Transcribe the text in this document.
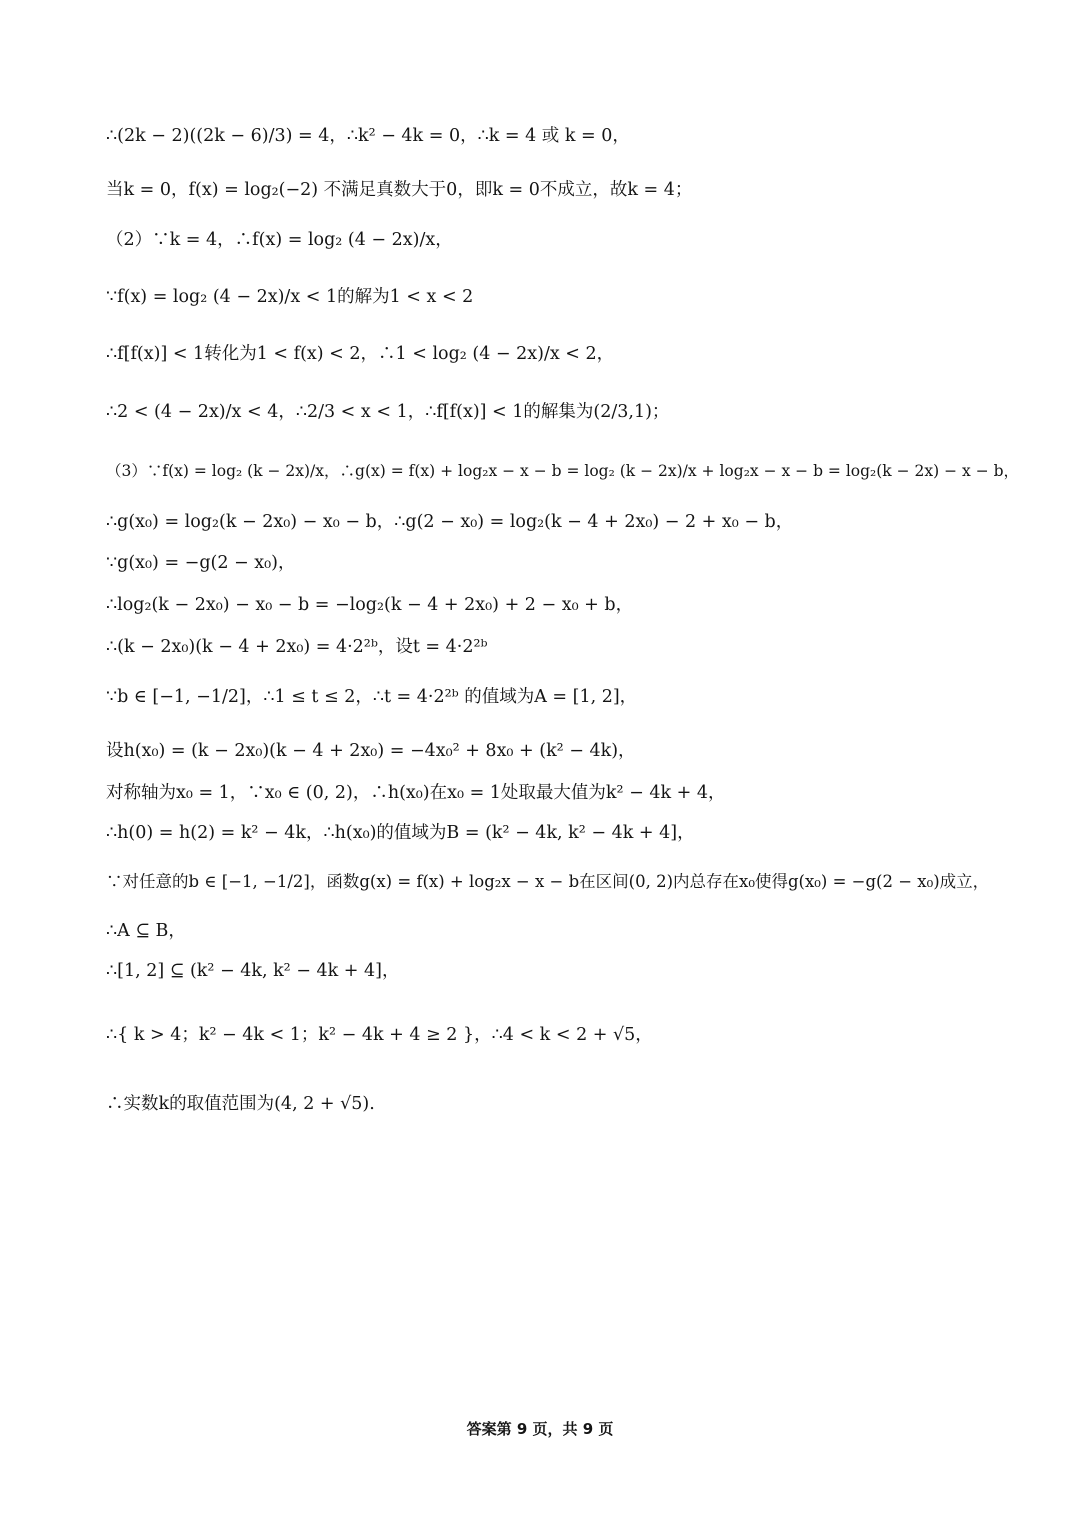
∴(2k − 2)((2k − 6)/3) = 4，∴k² − 4k = 0，∴k = 4 或 k = 0，
当k = 0，f(x) = log₂(−2) 不满足真数大于0，即k = 0不成立，故k = 4；
（2）∵k = 4，∴f(x) = log₂ (4 − 2x)/x，
∵f(x) = log₂ (4 − 2x)/x < 1的解为1 < x < 2
∴f[f(x)] < 1转化为1 < f(x) < 2，∴1 < log₂ (4 − 2x)/x < 2，
∴2 < (4 − 2x)/x < 4，∴2/3 < x < 1，∴f[f(x)] < 1的解集为(2/3,1)；
（3）∵f(x) = log₂ (k − 2x)/x，∴g(x) = f(x) + log₂x − x − b = log₂ (k − 2x)/x + log₂x − x − b = log₂(k − 2x) − x − b，
∴g(x₀) = log₂(k − 2x₀) − x₀ − b，∴g(2 − x₀) = log₂(k − 4 + 2x₀) − 2 + x₀ − b，
∵g(x₀) = −g(2 − x₀)，
∴log₂(k − 2x₀) − x₀ − b = −log₂(k − 4 + 2x₀) + 2 − x₀ + b，
∴(k − 2x₀)(k − 4 + 2x₀) = 4·2²ᵇ，设t = 4·2²ᵇ
∵b ∈ [−1, −1/2]，∴1 ≤ t ≤ 2，∴t = 4·2²ᵇ 的值域为A = [1, 2]，
设h(x₀) = (k − 2x₀)(k − 4 + 2x₀) = −4x₀² + 8x₀ + (k² − 4k)，
对称轴为x₀ = 1，∵x₀ ∈ (0, 2)，∴h(x₀)在x₀ = 1处取最大值为k² − 4k + 4，
∴h(0) = h(2) = k² − 4k，∴h(x₀)的值域为B = (k² − 4k, k² − 4k + 4]，
∵对任意的b ∈ [−1, −1/2]，函数g(x) = f(x) + log₂x − x − b在区间(0, 2)内总存在x₀使得g(x₀) = −g(2 − x₀)成立，
∴A ⊆ B，
∴[1, 2] ⊆ (k² − 4k, k² − 4k + 4]，
∴{ k > 4；k² − 4k < 1；k² − 4k + 4 ≥ 2 }，∴4 < k < 2 + √5，
∴实数k的取值范围为(4, 2 + √5).
答案第 9 页，共 9 页
